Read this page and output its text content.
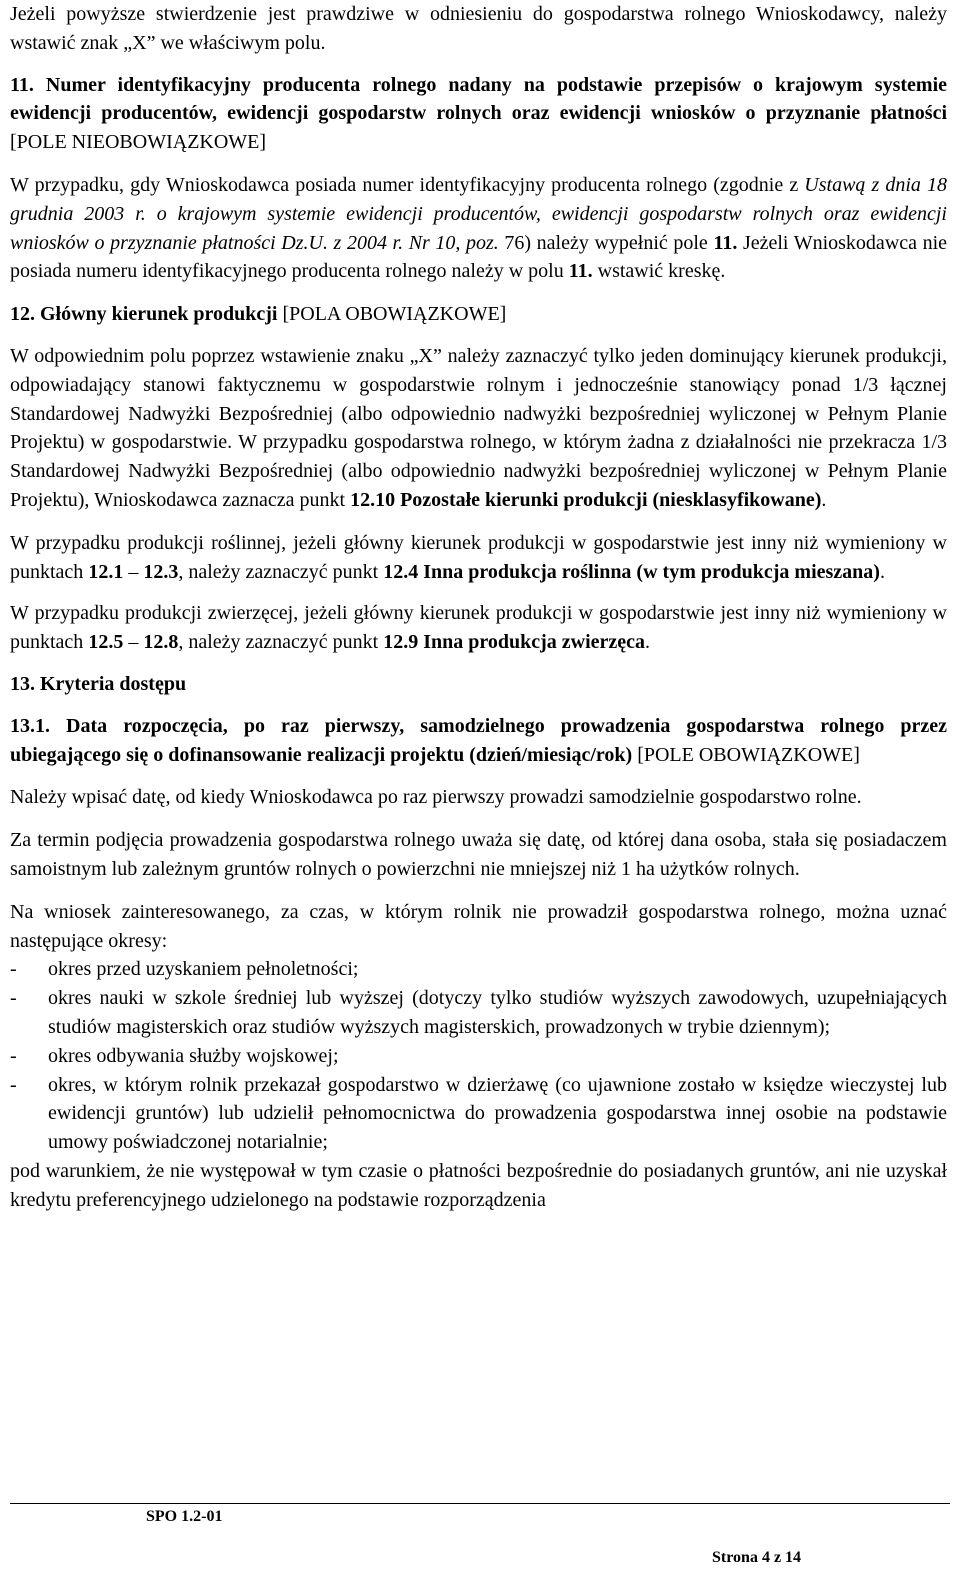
Jeżeli powyższe stwierdzenie jest prawdziwe w odniesieniu do gospodarstwa rolnego Wnioskodawcy, należy wstawić znak „X” we właściwym polu.

11. Numer identyfikacyjny producenta rolnego nadany na podstawie przepisów o krajowym systemie ewidencji producentów, ewidencji gospodarstw rolnych oraz ewidencji wniosków o przyznanie płatności [POLE NIEOBOWIĄZKOWE]

W przypadku, gdy Wnioskodawca posiada numer identyfikacyjny producenta rolnego (zgodnie z Ustawą z dnia 18 grudnia 2003 r. o krajowym systemie ewidencji producentów, ewidencji gospodarstw rolnych oraz ewidencji wniosków o przyznanie płatności Dz.U. z 2004 r. Nr 10, poz. 76) należy wypełnić pole 11. Jeżeli Wnioskodawca nie posiada numeru identyfikacyjnego producenta rolnego należy w polu 11. wstawić kreskę.

12. Główny kierunek produkcji [POLA OBOWIĄZKOWE]

W odpowiednim polu poprzez wstawienie znaku „X” należy zaznaczyć tylko jeden dominujący kierunek produkcji, odpowiadający stanowi faktycznemu w gospodarstwie rolnym i jednocześnie stanowiący ponad 1/3 łącznej Standardowej Nadwyżki Bezpośredniej (albo odpowiednio nadwyżki bezpośredniej wyliczonej w Pełnym Planie Projektu) w gospodarstwie. W przypadku gospodarstwa rolnego, w którym żadna z działalności nie przekracza 1/3 Standardowej Nadwyżki Bezpośredniej (albo odpowiednio nadwyżki bezpośredniej wyliczonej w Pełnym Planie Projektu), Wnioskodawca zaznacza punkt 12.10 Pozostałe kierunki produkcji (niesklasyfikowane).

W przypadku produkcji roślinnej, jeżeli główny kierunek produkcji w gospodarstwie jest inny niż wymieniony w punktach 12.1 – 12.3, należy zaznaczyć punkt 12.4 Inna produkcja roślinna (w tym produkcja mieszana).

W przypadku produkcji zwierzęcej, jeżeli główny kierunek produkcji w gospodarstwie jest inny niż wymieniony w punktach 12.5 – 12.8, należy zaznaczyć punkt 12.9 Inna produkcja zwierzęca.

13. Kryteria dostępu

13.1. Data rozpoczęcia, po raz pierwszy, samodzielnego prowadzenia gospodarstwa rolnego przez ubiegającego się o dofinansowanie realizacji projektu (dzień/miesiąc/rok) [POLE OBOWIĄZKOWE]

Należy wpisać datę, od kiedy Wnioskodawca po raz pierwszy prowadzi samodzielnie gospodarstwo rolne.

Za termin podjęcia prowadzenia gospodarstwa rolnego uważa się datę, od której dana osoba, stała się posiadaczem samoistnym lub zależnym gruntów rolnych o powierzchni nie mniejszej niż 1 ha użytków rolnych.

Na wniosek zainteresowanego, za czas, w którym rolnik nie prowadził gospodarstwa rolnego, można uznać następujące okresy:

- okres przed uzyskaniem pełnoletności;
- okres nauki w szkole średniej lub wyższej (dotyczy tylko studiów wyższych zawodowych, uzupełniających studiów magisterskich oraz studiów wyższych magisterskich, prowadzonych w trybie dziennym);
- okres odbywania służby wojskowej;
- okres, w którym rolnik przekazał gospodarstwo w dzierżawę (co ujawnione zostało w księdze wieczystej lub ewidencji gruntów) lub udzielił pełnomocnictwa do prowadzenia gospodarstwa innej osobie na podstawie umowy poświadczonej notarialnie;

pod warunkiem, że nie występował w tym czasie o płatności bezpośrednie do posiadanych gruntów, ani nie uzyskał kredytu preferencyjnego udzielonego na podstawie rozporządzenia

SPO 1.2-01
Strona 4 z 14
